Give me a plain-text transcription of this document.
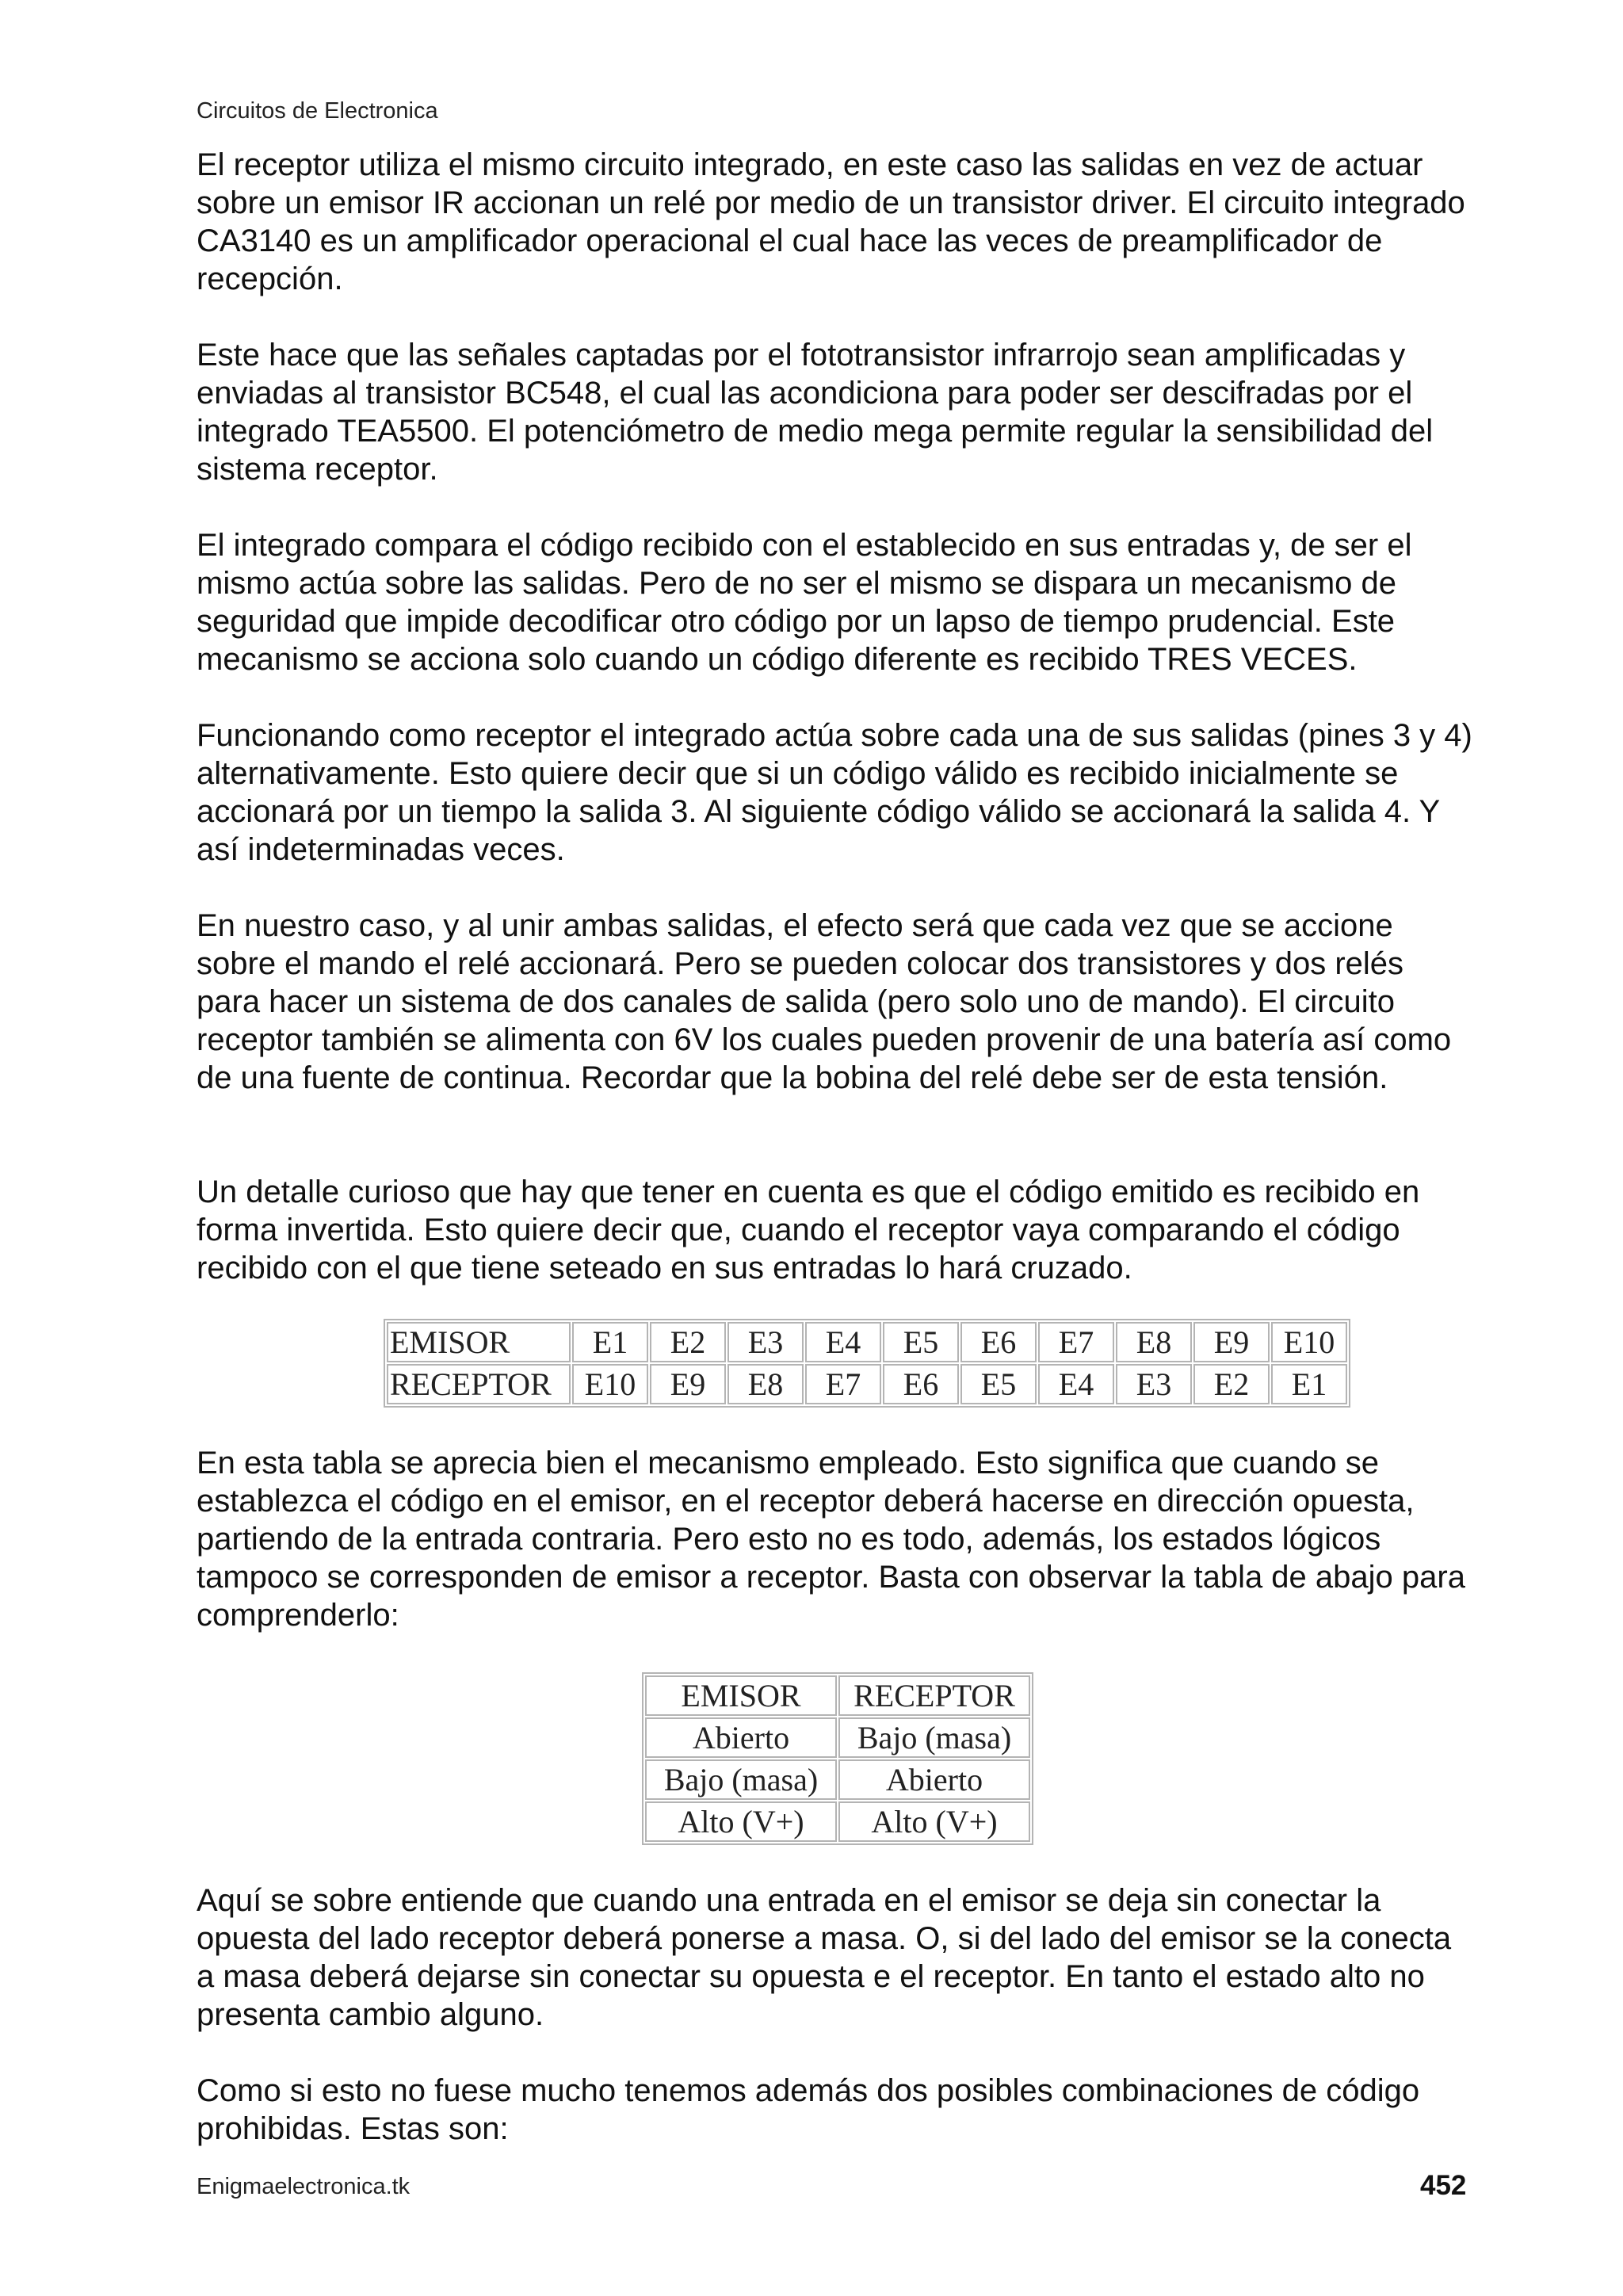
Circuitos de Electronica

El receptor utiliza el mismo circuito integrado, en este caso las salidas en vez de actuar sobre un emisor IR accionan un relé por medio de un transistor driver. El circuito integrado CA3140 es un amplificador operacional el cual hace las veces de preamplificador de recepción.

Este hace que las señales captadas por el fototransistor infrarrojo sean amplificadas y enviadas al transistor BC548, el cual las acondiciona para poder ser descifradas por el integrado TEA5500. El potenciómetro de medio mega permite regular la sensibilidad del sistema receptor.

El integrado compara el código recibido con el establecido en sus entradas y, de ser el mismo actúa sobre las salidas. Pero de no ser el mismo se dispara un mecanismo de seguridad que impide decodificar otro código por un lapso de tiempo prudencial. Este mecanismo se acciona solo cuando un código diferente es recibido TRES VECES.

Funcionando como receptor el integrado actúa sobre cada una de sus salidas (pines 3 y 4) alternativamente. Esto quiere decir que si un código válido es recibido inicialmente se accionará por un tiempo la salida 3. Al siguiente código válido se accionará la salida 4. Y así indeterminadas veces.

En nuestro caso, y al unir ambas salidas, el efecto será que cada vez que se accione sobre el mando el relé accionará. Pero se pueden colocar dos transistores y dos relés para hacer un sistema de dos canales de salida (pero solo uno de mando). El circuito receptor también se alimenta con 6V los cuales pueden provenir de una batería así como de una fuente de continua. Recordar que la bobina del relé debe ser de esta tensión.

Un detalle curioso que hay que tener en cuenta es que el código emitido es recibido en forma invertida. Esto quiere decir que, cuando el receptor vaya comparando el código recibido con el que tiene seteado en sus entradas lo hará cruzado.

EMISOR	E1	E2	E3	E4	E5	E6	E7	E8	E9	E10
RECEPTOR	E10	E9	E8	E7	E6	E5	E4	E3	E2	E1

En esta tabla se aprecia bien el mecanismo empleado. Esto significa que cuando se establezca el código en el emisor, en el receptor deberá hacerse en dirección opuesta, partiendo de la entrada contraria. Pero esto no es todo, además, los estados lógicos tampoco se corresponden de emisor a receptor. Basta con observar la tabla de abajo para comprenderlo:

EMISOR	RECEPTOR
Abierto	Bajo (masa)
Bajo (masa)	Abierto
Alto (V+)	Alto (V+)

Aquí se sobre entiende que cuando una entrada en el emisor se deja sin conectar la opuesta del lado receptor deberá ponerse a masa. O, si del lado del emisor se la conecta a masa deberá dejarse sin conectar su opuesta e el receptor. En tanto el estado alto no presenta cambio alguno.

Como si esto no fuese mucho tenemos además dos posibles combinaciones de código prohibidas. Estas son:

Enigmaelectronica.tk	452
